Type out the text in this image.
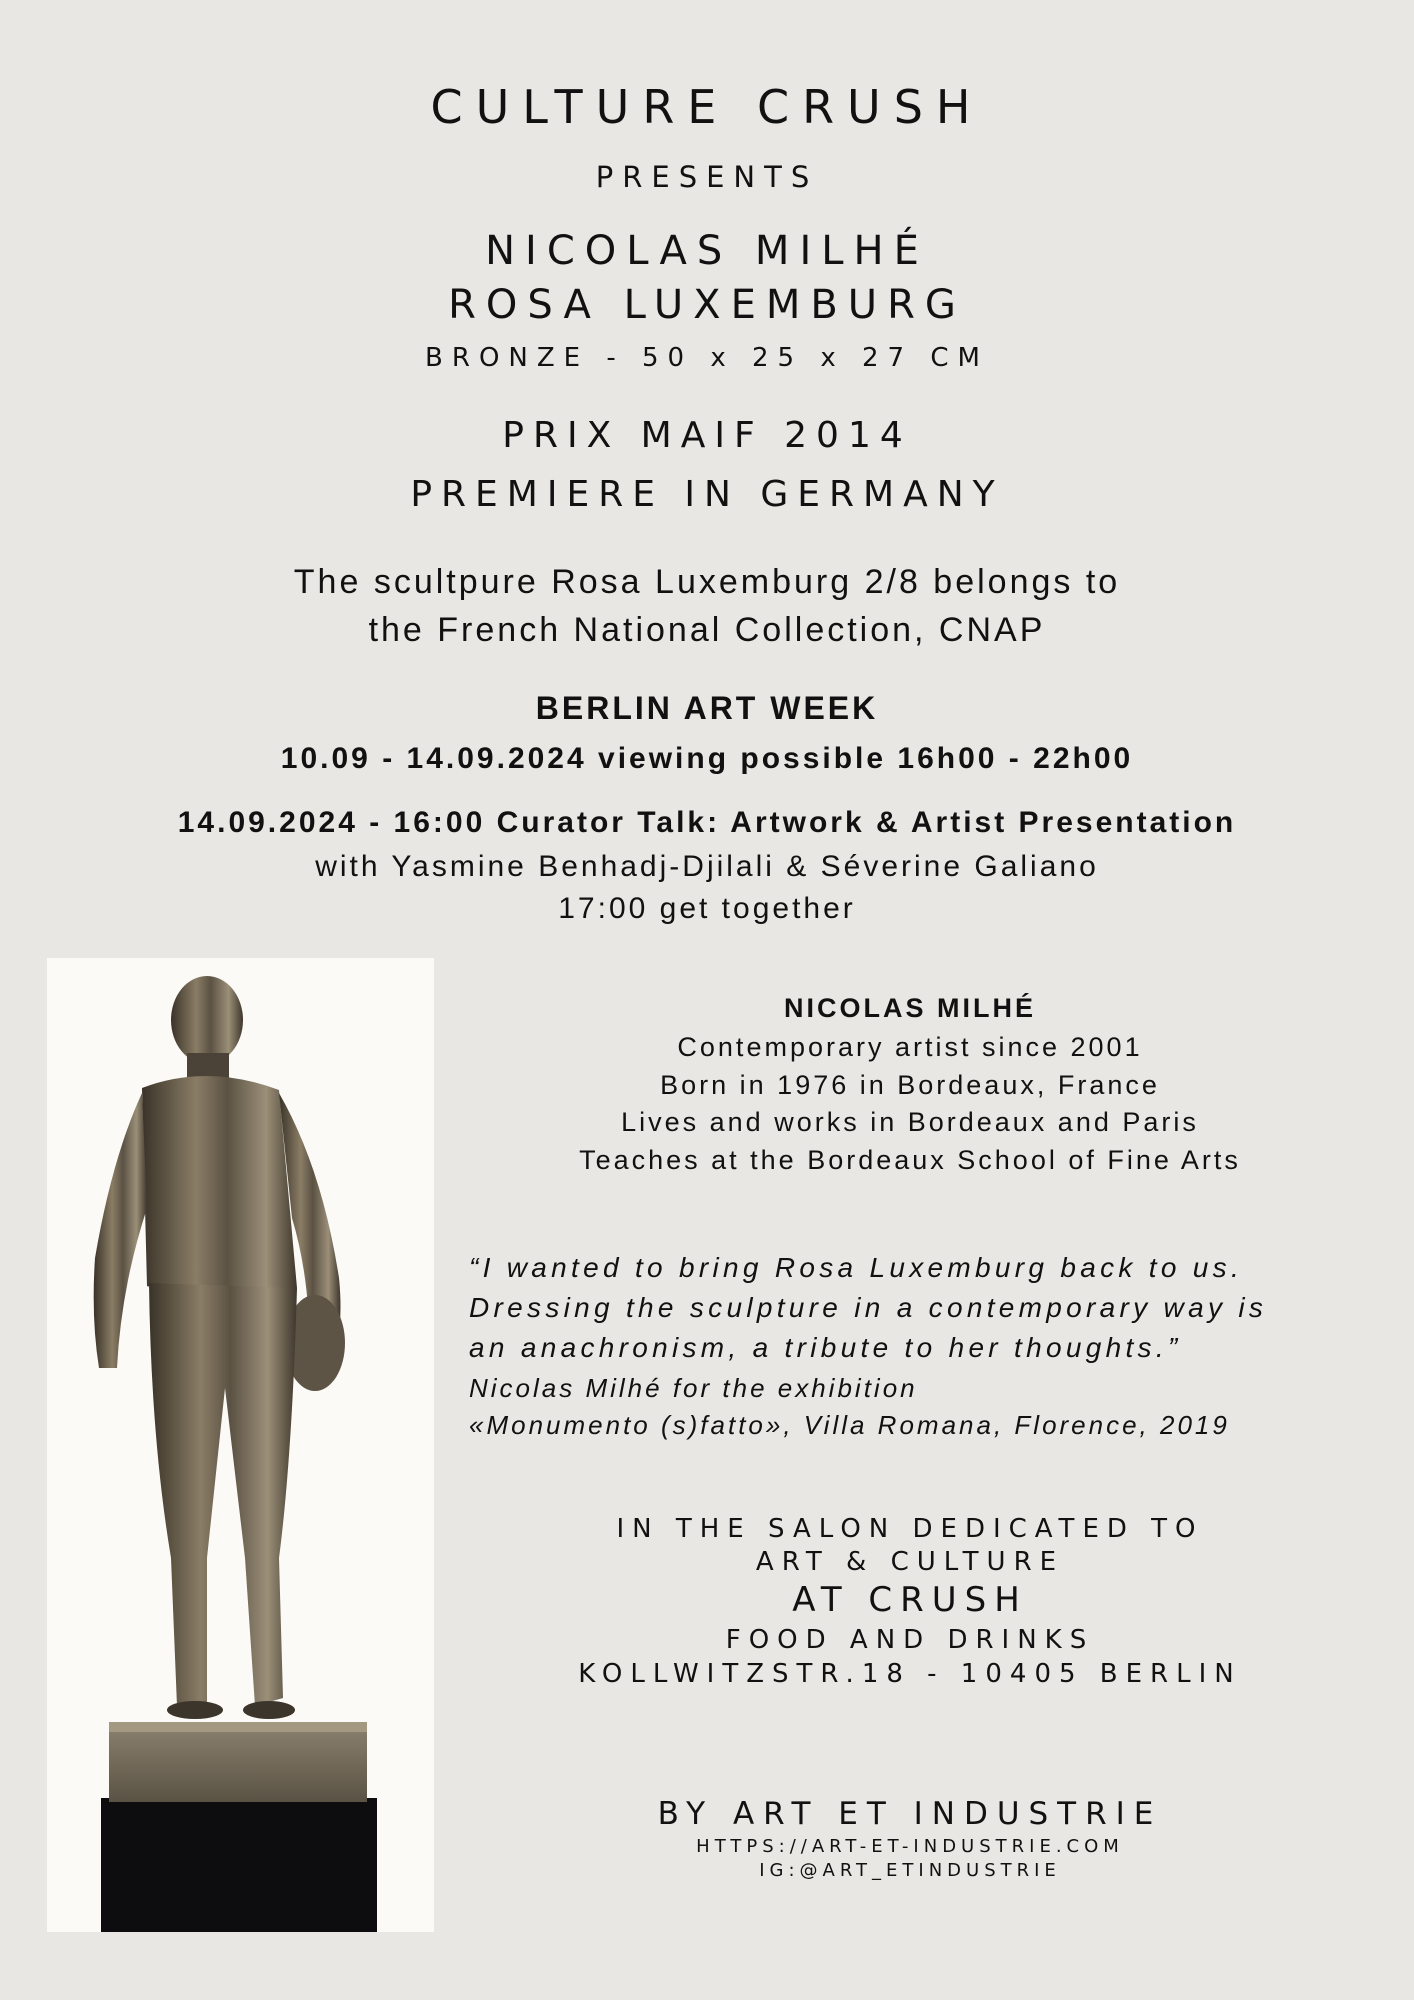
CULTURE CRUSH
PRESENTS
NICOLAS MILHÉ
ROSA LUXEMBURG
BRONZE - 50 x 25 x 27 CM
PRIX MAIF 2014
PREMIERE IN GERMANY
The scultpure Rosa Luxemburg 2/8 belongs to
the French National Collection, CNAP
BERLIN ART WEEK
10.09 - 14.09.2024 viewing possible 16h00 - 22h00
14.09.2024 - 16:00 Curator Talk: Artwork & Artist Presentation
with Yasmine Benhadj-Djilali & Séverine Galiano
17:00 get together
NICOLAS MILHÉ
Contemporary artist since 2001
Born in 1976 in Bordeaux, France
Lives and works in Bordeaux and Paris
Teaches at the Bordeaux School of Fine Arts
“I wanted to bring Rosa Luxemburg back to us.
Dressing the sculpture in a contemporary way is
an anachronism, a tribute to her thoughts.”
Nicolas Milhé for the exhibition
«Monumento (s)fatto», Villa Romana, Florence, 2019
IN THE SALON DEDICATED TO
ART & CULTURE
AT CRUSH
FOOD AND DRINKS
KOLLWITZSTR.18 - 10405 BERLIN
BY ART ET INDUSTRIE
HTTPS://ART-ET-INDUSTRIE.COM
IG:@ART_ETINDUSTRIE
